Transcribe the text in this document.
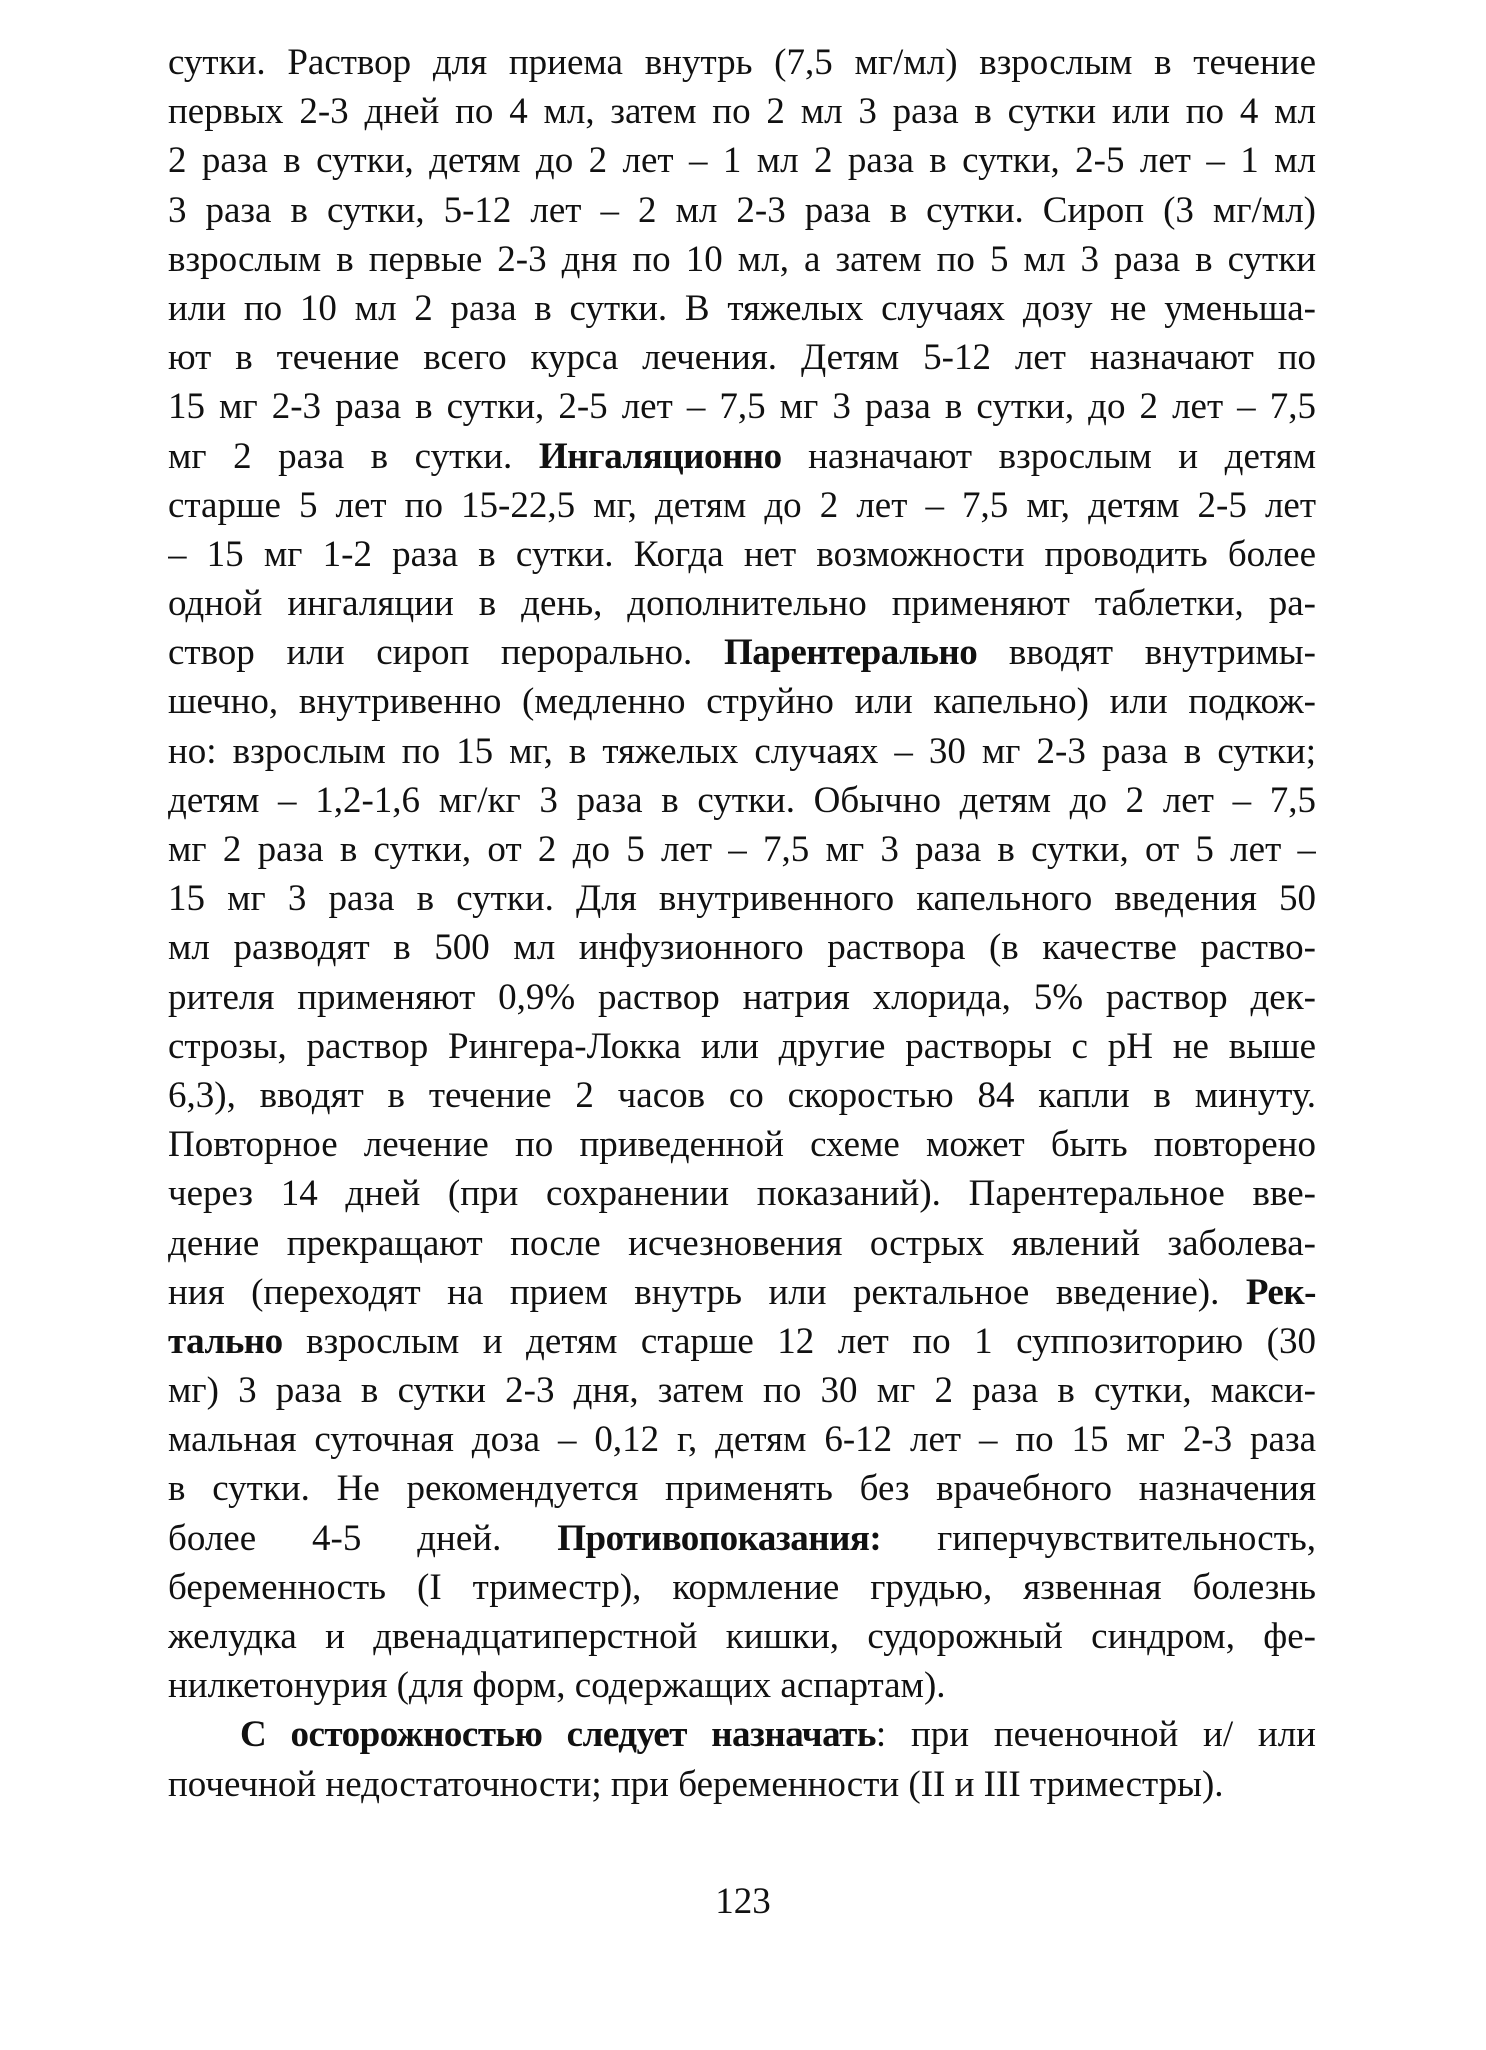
сутки. Раствор для приема внутрь (7,5 мг/мл) взрослым в течение
первых 2-3 дней по 4 мл, затем по 2 мл 3 раза в сутки или по 4 мл
2 раза в сутки, детям до 2 лет – 1 мл 2 раза в сутки, 2-5 лет – 1 мл
3 раза в сутки, 5-12 лет – 2 мл 2-3 раза в сутки. Сироп (3 мг/мл)
взрослым в первые 2-3 дня по 10 мл, а затем по 5 мл 3 раза в сутки
или по 10 мл 2 раза в сутки. В тяжелых случаях дозу не уменьша-
ют в течение всего курса лечения. Детям 5-12 лет назначают по
15 мг 2-3 раза в сутки, 2-5 лет – 7,5 мг 3 раза в сутки, до 2 лет – 7,5
мг 2 раза в сутки. Ингаляционно назначают взрослым и детям
старше 5 лет по 15-22,5 мг, детям до 2 лет – 7,5 мг, детям 2-5 лет
– 15 мг 1-2 раза в сутки. Когда нет возможности проводить более
одной ингаляции в день, дополнительно применяют таблетки, ра-
створ или сироп перорально. Парентерально вводят внутримы-
шечно, внутривенно (медленно струйно или капельно) или подкож-
но: взрослым по 15 мг, в тяжелых случаях – 30 мг 2-3 раза в сутки;
детям – 1,2-1,6 мг/кг 3 раза в сутки. Обычно детям до 2 лет – 7,5
мг 2 раза в сутки, от 2 до 5 лет – 7,5 мг 3 раза в сутки, от 5 лет –
15 мг 3 раза в сутки. Для внутривенного капельного введения 50
мл разводят в 500 мл инфузионного раствора (в качестве раство-
рителя применяют 0,9% раствор натрия хлорида, 5% раствор дек-
строзы, раствор Рингера-Локка или другие растворы с pH не выше
6,3), вводят в течение 2 часов со скоростью 84 капли в минуту.
Повторное лечение по приведенной схеме может быть повторено
через 14 дней (при сохранении показаний). Парентеральное вве-
дение прекращают после исчезновения острых явлений заболева-
ния (переходят на прием внутрь или ректальное введение). Рек-
тально взрослым и детям старше 12 лет по 1 суппозиторию (30
мг) 3 раза в сутки 2-3 дня, затем по 30 мг 2 раза в сутки, макси-
мальная суточная доза – 0,12 г, детям 6-12 лет – по 15 мг 2-3 раза
в сутки. Не рекомендуется применять без врачебного назначения
более 4-5 дней. Противопоказания: гиперчувствительность,
беременность (I триместр), кормление грудью, язвенная болезнь
желудка и двенадцатиперстной кишки, судорожный синдром, фе-
нилкетонурия (для форм, содержащих аспартам).
С осторожностью следует назначать: при печеночной и/ или
почечной недостаточности; при беременности (II и III триместры).
123
